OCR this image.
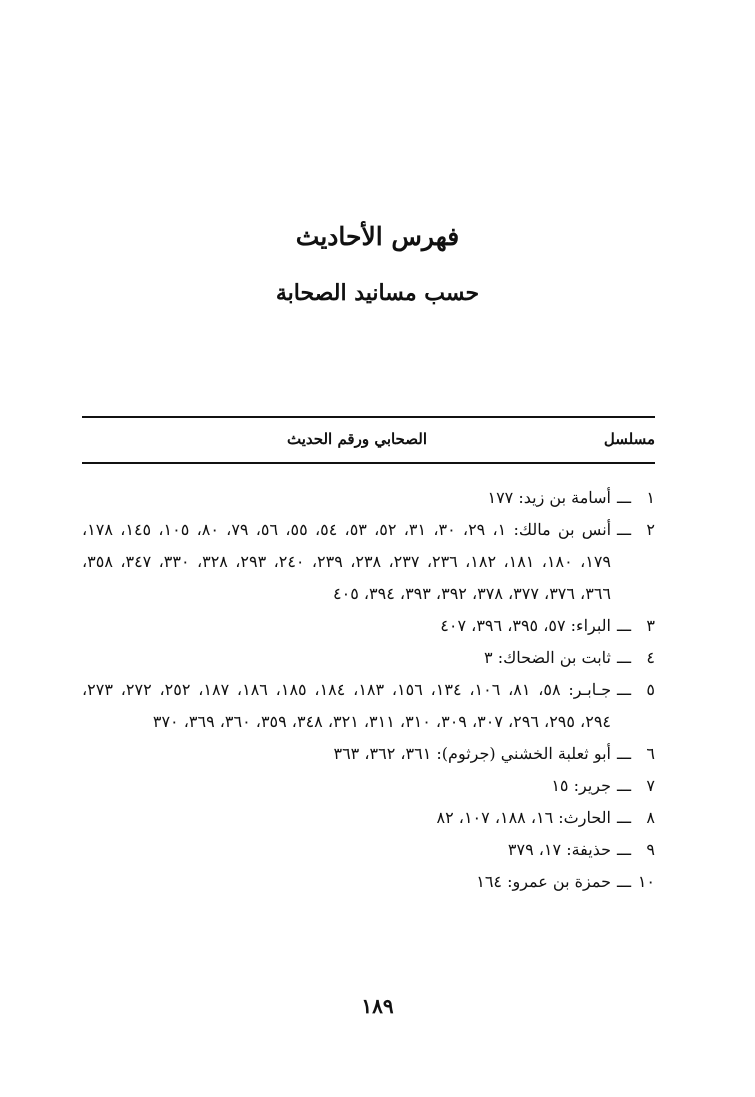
فهرس الأحاديث
حسب مسانيد الصحابة
مسلسل
الصحابي ورقم الحديث
١
ـــ
أسامة بن زيد: ١٧٧
٢
ـــ
أنس بن مالك: ١، ٢٩، ٣٠، ٣١، ٥٢، ٥٣، ٥٤، ٥٥، ٥٦، ٧٩، ٨٠، ١٠٥، ١٤٥، ١٧٨، ١٧٩، ١٨٠، ١٨١، ١٨٢، ٢٣٦، ٢٣٧، ٢٣٨، ٢٣٩، ٢٤٠، ٢٩٣، ٣٢٨، ٣٣٠، ٣٤٧، ٣٥٨، ٣٦٦، ٣٧٦، ٣٧٧، ٣٧٨، ٣٩٢، ٣٩٣، ٣٩٤، ٤٠٥
٣
ـــ
البراء: ٥٧، ٣٩٥، ٣٩٦، ٤٠٧
٤
ـــ
ثابت بن الضحاك: ٣
٥
ـــ
جـابـر: ٥٨، ٨١، ١٠٦، ١٣٤، ١٥٦، ١٨٣، ١٨٤، ١٨٥، ١٨٦، ١٨٧، ٢٥٢، ٢٧٢، ٢٧٣، ٢٩٤، ٢٩٥، ٢٩٦، ٣٠٧، ٣٠٩، ٣١٠، ٣١١، ٣٢١، ٣٤٨، ٣٥٩، ٣٦٠، ٣٦٩، ٣٧٠
٦
ـــ
أبو ثعلبة الخشني (جرثوم): ٣٦١، ٣٦٢، ٣٦٣
٧
ـــ
جرير: ١٥
٨
ـــ
الحارث: ١٦، ١٨٨، ١٠٧، ٨٢
٩
ـــ
حذيفة: ١٧، ٣٧٩
١٠
ـــ
حمزة بن عمرو: ١٦٤
١٨٩
